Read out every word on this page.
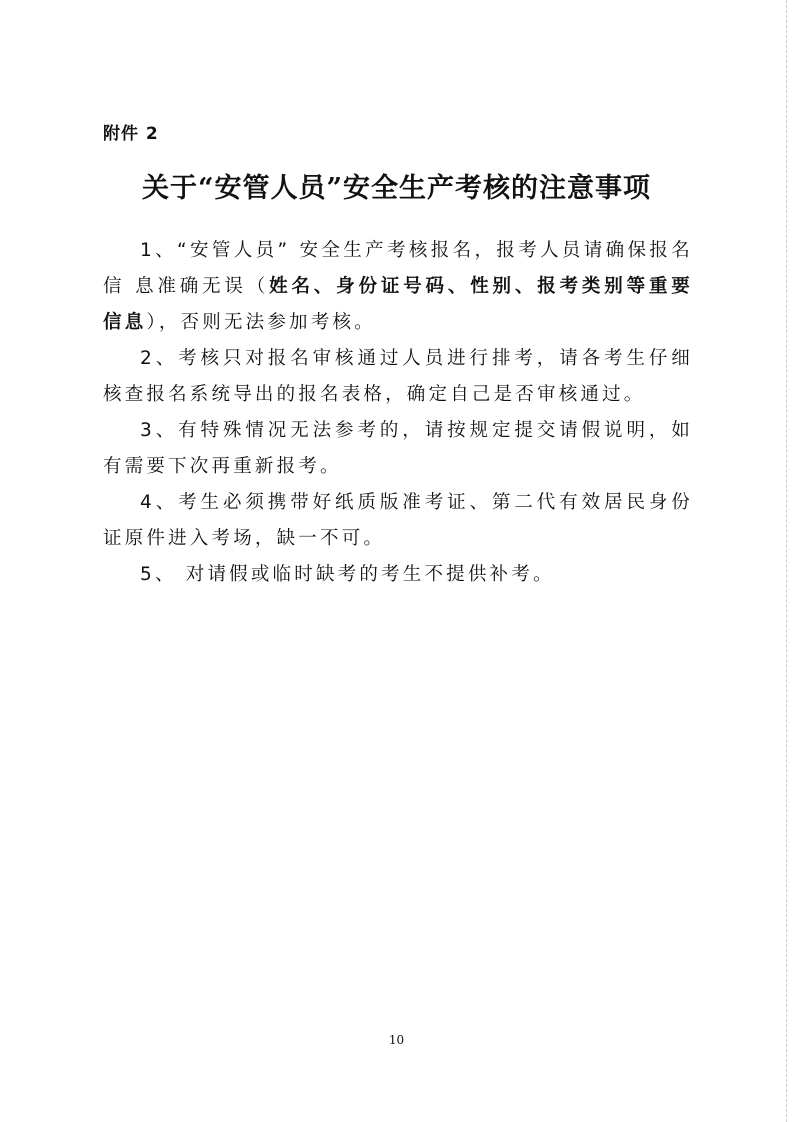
附件 2
关于“安管人员”安全生产考核的注意事项

1、“安管人员” 安全生产考核报名，报考人员请确保报名信 息准确无误（姓名、身份证号码、性别、报考类别等重要信息），否则无法参加考核。

2、考核只对报名审核通过人员进行排考，请各考生仔细核查报名系统导出的报名表格，确定自己是否审核通过。

3、有特殊情况无法参考的，请按规定提交请假说明，如有需要下次再重新报考。

4、考生必须携带好纸质版准考证、第二代有效居民身份证原件进入考场，缺一不可。

5、 对请假或临时缺考的考生不提供补考。

10
